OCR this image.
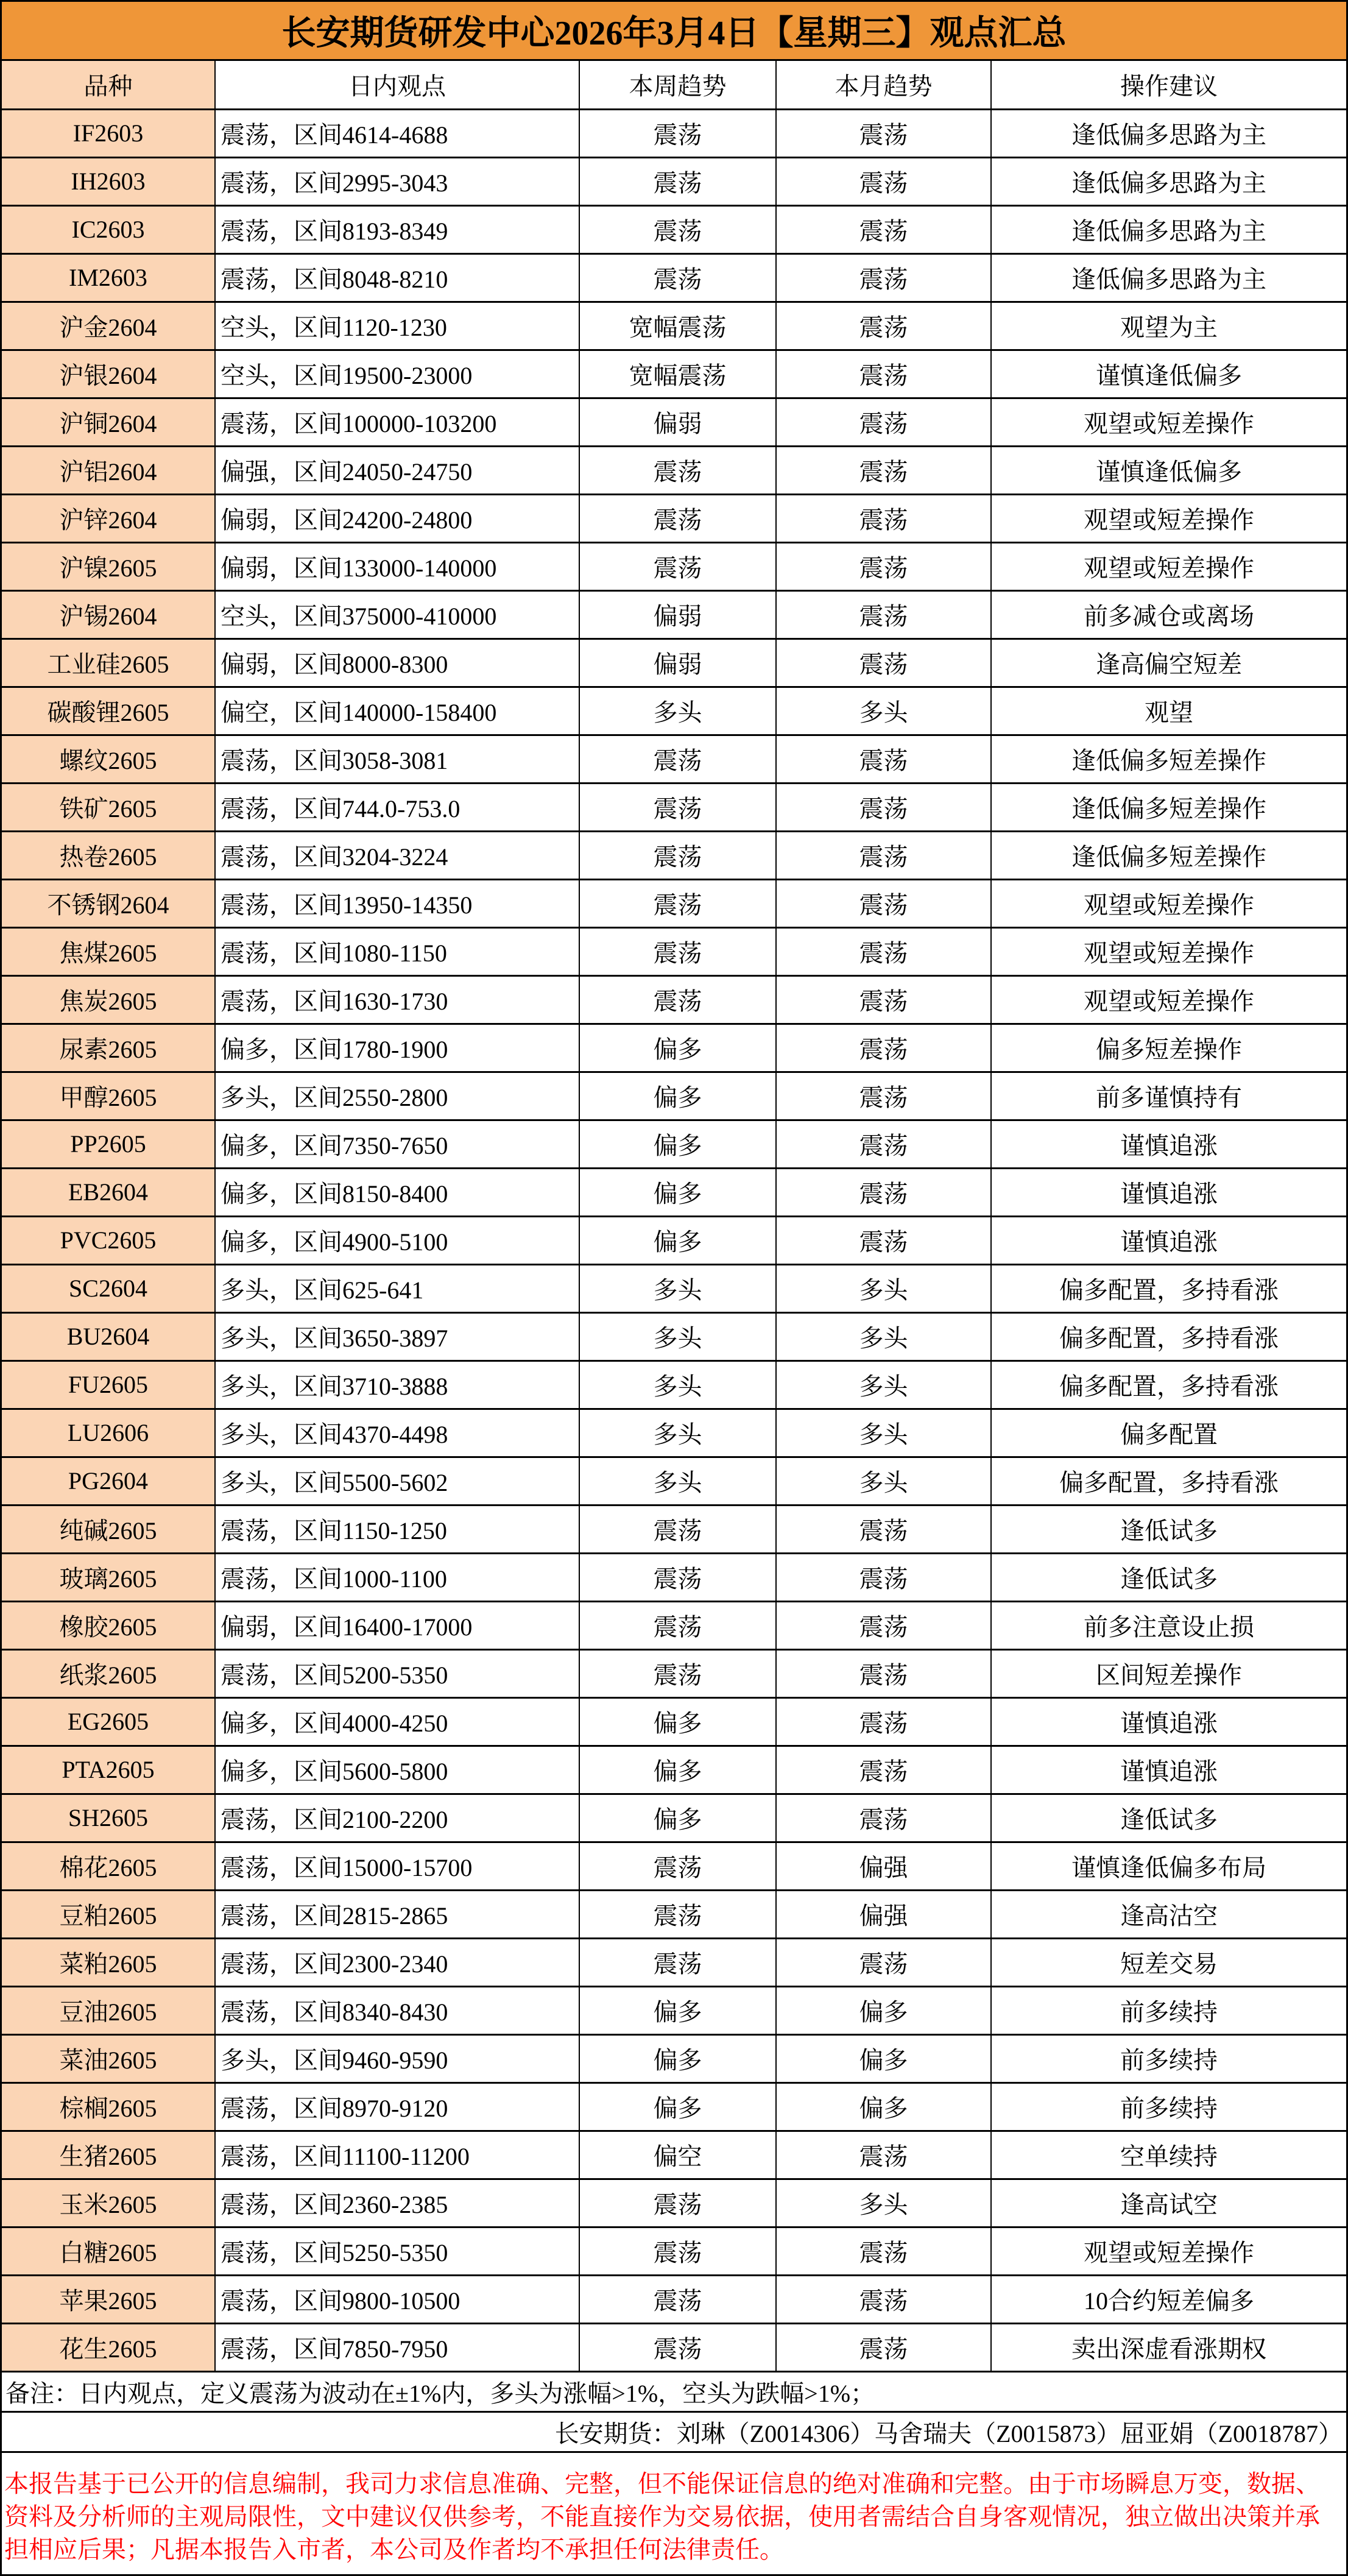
长安期货研发中心2026年3月4日【星期三】观点汇总
品种	日内观点	本周趋势	本月趋势	操作建议
IF2603	震荡，区间4614-4688	震荡	震荡	逢低偏多思路为主
IH2603	震荡，区间2995-3043	震荡	震荡	逢低偏多思路为主
IC2603	震荡，区间8193-8349	震荡	震荡	逢低偏多思路为主
IM2603	震荡，区间8048-8210	震荡	震荡	逢低偏多思路为主
沪金2604	空头，区间1120-1230	宽幅震荡	震荡	观望为主
沪银2604	空头，区间19500-23000	宽幅震荡	震荡	谨慎逢低偏多
沪铜2604	震荡，区间100000-103200	偏弱	震荡	观望或短差操作
沪铝2604	偏强，区间24050-24750	震荡	震荡	谨慎逢低偏多
沪锌2604	偏弱，区间24200-24800	震荡	震荡	观望或短差操作
沪镍2605	偏弱，区间133000-140000	震荡	震荡	观望或短差操作
沪锡2604	空头，区间375000-410000	偏弱	震荡	前多减仓或离场
工业硅2605	偏弱，区间8000-8300	偏弱	震荡	逢高偏空短差
碳酸锂2605	偏空，区间140000-158400	多头	多头	观望
螺纹2605	震荡，区间3058-3081	震荡	震荡	逢低偏多短差操作
铁矿2605	震荡，区间744.0-753.0	震荡	震荡	逢低偏多短差操作
热卷2605	震荡，区间3204-3224	震荡	震荡	逢低偏多短差操作
不锈钢2604	震荡，区间13950-14350	震荡	震荡	观望或短差操作
焦煤2605	震荡，区间1080-1150	震荡	震荡	观望或短差操作
焦炭2605	震荡，区间1630-1730	震荡	震荡	观望或短差操作
尿素2605	偏多，区间1780-1900	偏多	震荡	偏多短差操作
甲醇2605	多头，区间2550-2800	偏多	震荡	前多谨慎持有
PP2605	偏多，区间7350-7650	偏多	震荡	谨慎追涨
EB2604	偏多，区间8150-8400	偏多	震荡	谨慎追涨
PVC2605	偏多，区间4900-5100	偏多	震荡	谨慎追涨
SC2604	多头，区间625-641	多头	多头	偏多配置，多持看涨
BU2604	多头，区间3650-3897	多头	多头	偏多配置，多持看涨
FU2605	多头，区间3710-3888	多头	多头	偏多配置，多持看涨
LU2606	多头，区间4370-4498	多头	多头	偏多配置
PG2604	多头，区间5500-5602	多头	多头	偏多配置，多持看涨
纯碱2605	震荡，区间1150-1250	震荡	震荡	逢低试多
玻璃2605	震荡，区间1000-1100	震荡	震荡	逢低试多
橡胶2605	偏弱，区间16400-17000	震荡	震荡	前多注意设止损
纸浆2605	震荡，区间5200-5350	震荡	震荡	区间短差操作
EG2605	偏多，区间4000-4250	偏多	震荡	谨慎追涨
PTA2605	偏多，区间5600-5800	偏多	震荡	谨慎追涨
SH2605	震荡，区间2100-2200	偏多	震荡	逢低试多
棉花2605	震荡，区间15000-15700	震荡	偏强	谨慎逢低偏多布局
豆粕2605	震荡，区间2815-2865	震荡	偏强	逢高沽空
菜粕2605	震荡，区间2300-2340	震荡	震荡	短差交易
豆油2605	震荡，区间8340-8430	偏多	偏多	前多续持
菜油2605	多头，区间9460-9590	偏多	偏多	前多续持
棕榈2605	震荡，区间8970-9120	偏多	偏多	前多续持
生猪2605	震荡，区间11100-11200	偏空	震荡	空单续持
玉米2605	震荡，区间2360-2385	震荡	多头	逢高试空
白糖2605	震荡，区间5250-5350	震荡	震荡	观望或短差操作
苹果2605	震荡，区间9800-10500	震荡	震荡	10合约短差偏多
花生2605	震荡，区间7850-7950	震荡	震荡	卖出深虚看涨期权
备注：日内观点，定义震荡为波动在±1%内，多头为涨幅>1%，空头为跌幅>1%；
长安期货：刘琳（Z0014306）马舍瑞夫（Z0015873）屈亚娟（Z0018787）
本报告基于已公开的信息编制，我司力求信息准确、完整，但不能保证信息的绝对准确和完整。由于市场瞬息万变，数据、资料及分析师的主观局限性，文中建议仅供参考，不能直接作为交易依据，使用者需结合自身客观情况，独立做出决策并承担相应后果；凡据本报告入市者，本公司及作者均不承担任何法律责任。
